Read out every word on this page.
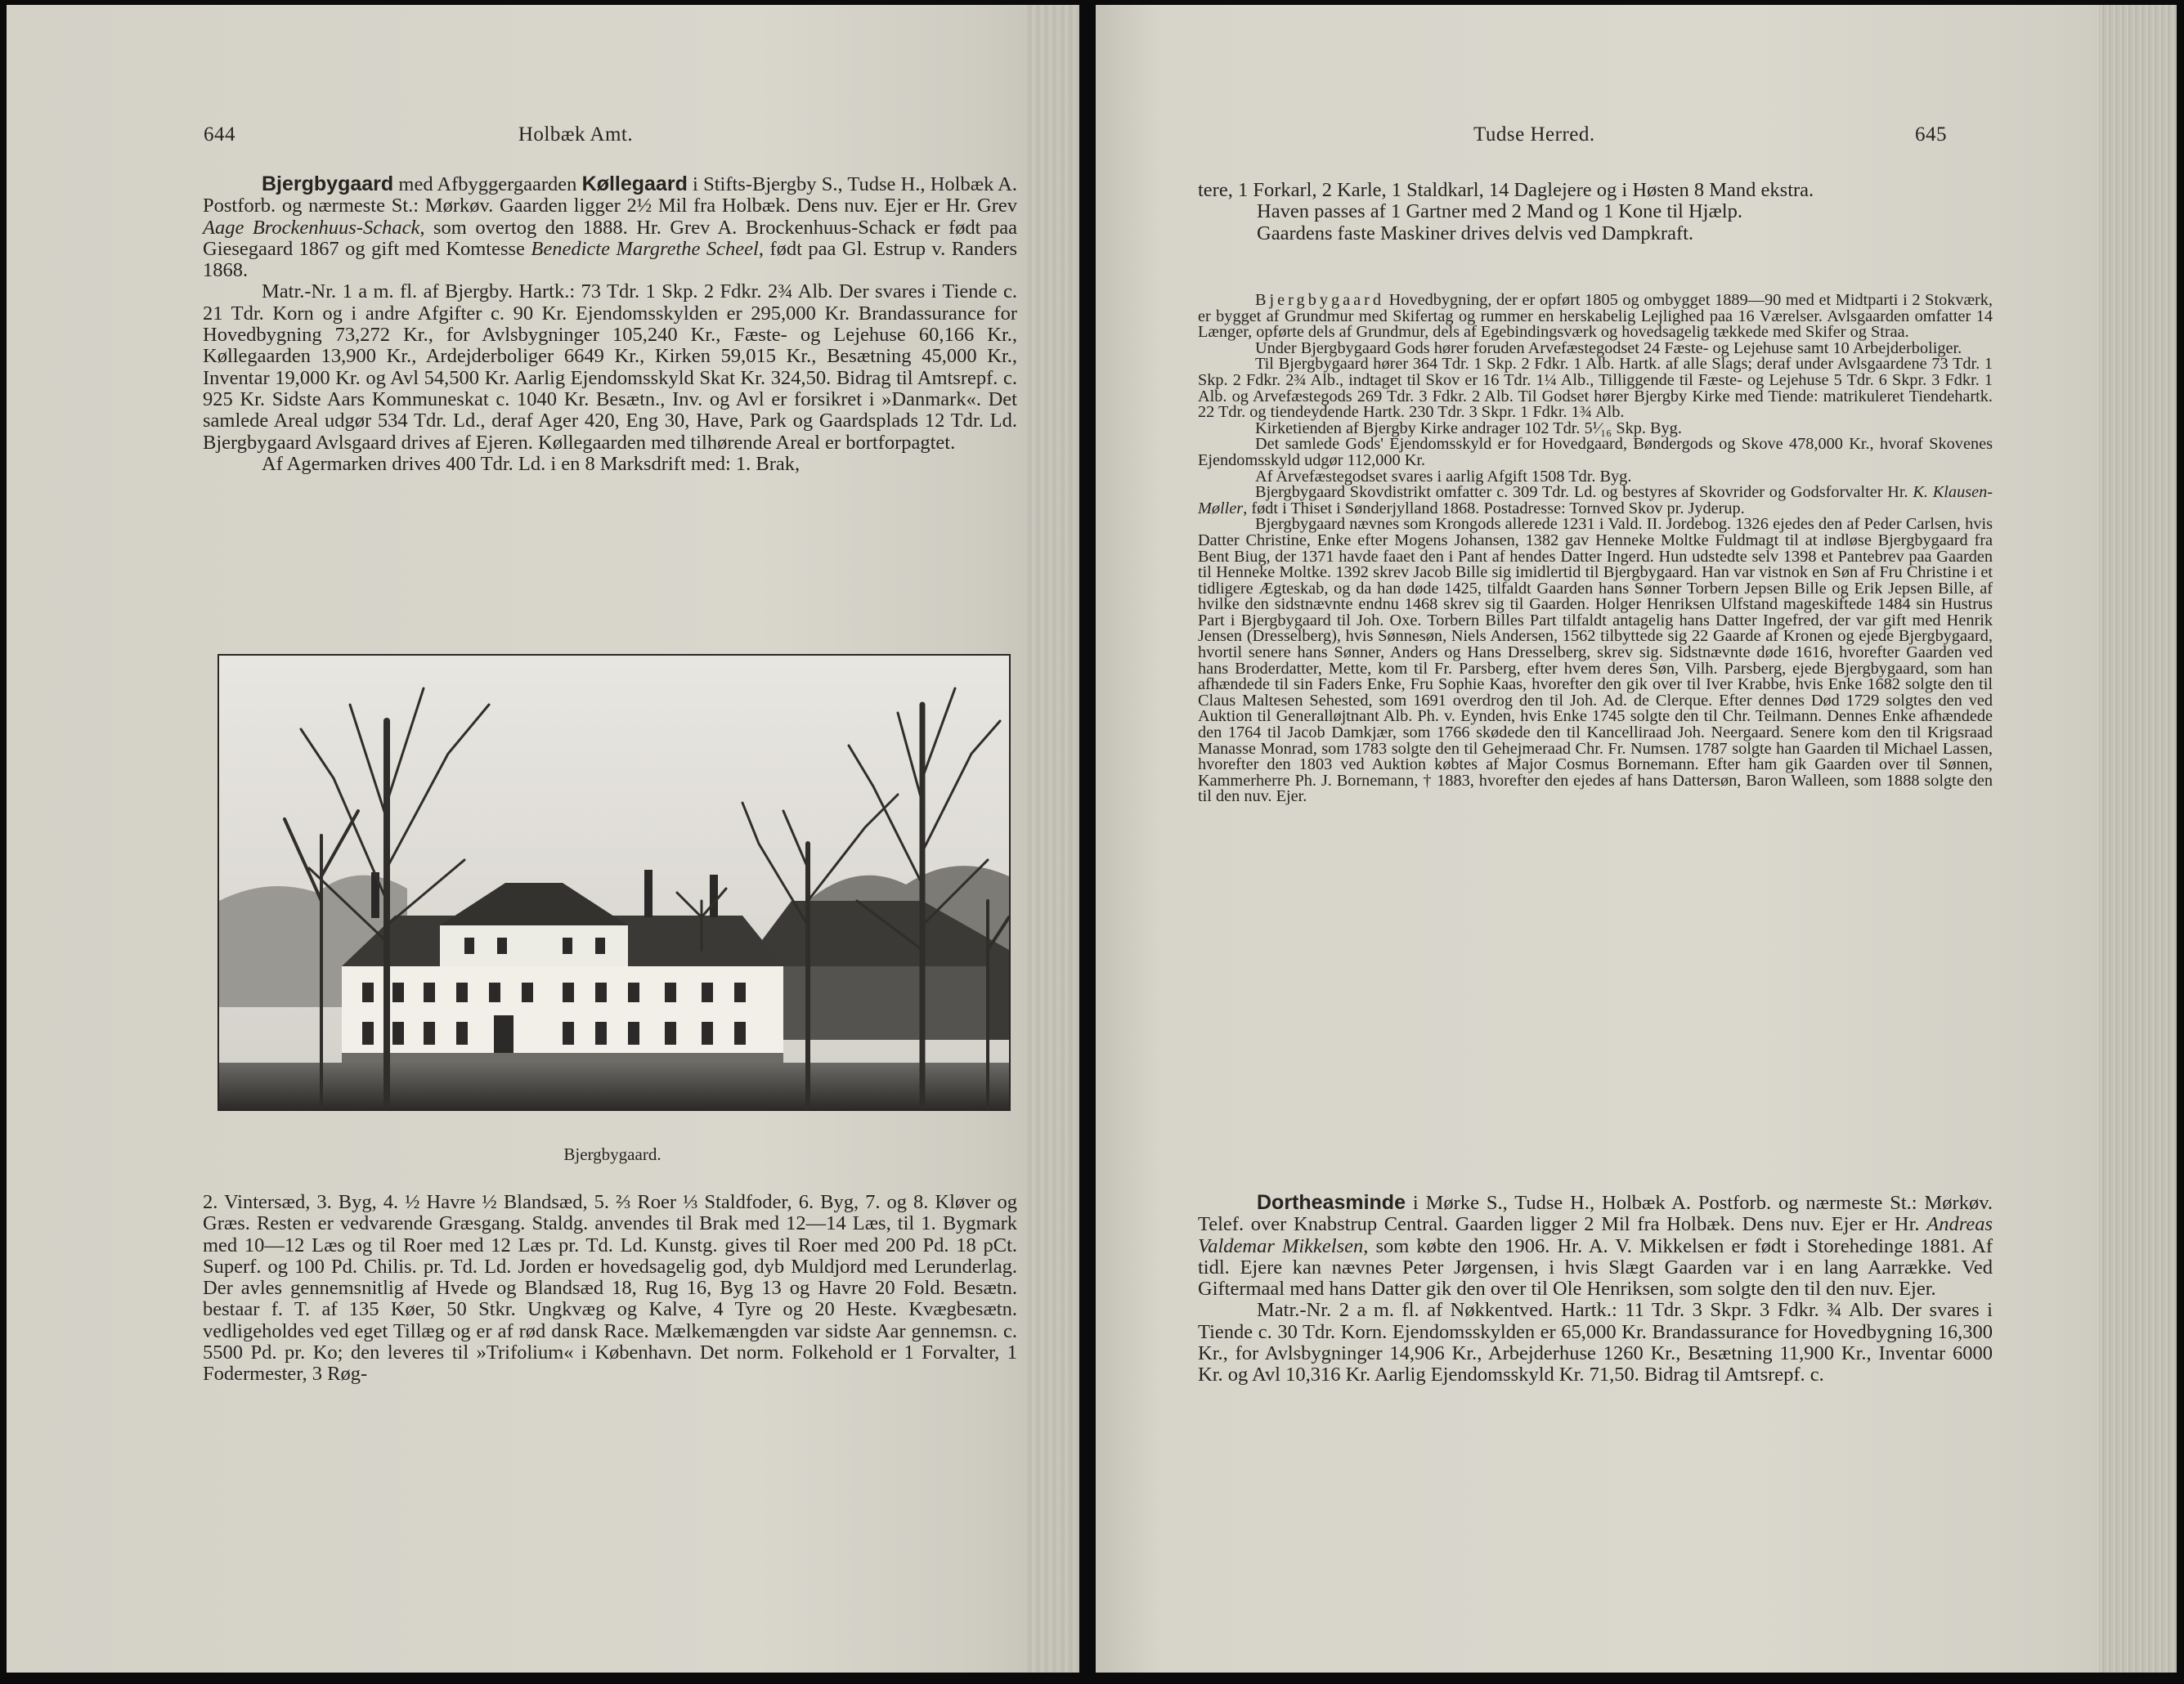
644	Holbæk Amt.

Bjergbygaard med Afbyggergaarden Køllegaard i Stifts-Bjergby S., Tudse H., Holbæk A. Postforb. og nærmeste St.: Mørkøv. Gaarden ligger 2½ Mil fra Holbæk. Dens nuv. Ejer er Hr. Grev Aage Brockenhuus-Schack, som overtog den 1888. Hr. Grev A. Brockenhuus-Schack er født paa Giesegaard 1867 og gift med Komtesse Benedicte Margrethe Scheel, født paa Gl. Estrup v. Randers 1868.

Matr.-Nr. 1 a m. fl. af Bjergby. Hartk.: 73 Tdr. 1 Skp. 2 Fdkr. 2¾ Alb. Der svares i Tiende c. 21 Tdr. Korn og i andre Afgifter c. 90 Kr. Ejendomsskylden er 295,000 Kr. Brandassurance for Hovedbygning 73,272 Kr., for Avlsbygninger 105,240 Kr., Fæste- og Lejehuse 60,166 Kr., Køllegaarden 13,900 Kr., Ardejderboliger 6649 Kr., Kirken 59,015 Kr., Besætning 45,000 Kr., Inventar 19,000 Kr. og Avl 54,500 Kr. Aarlig Ejendomsskyld Skat Kr. 324,50. Bidrag til Amtsrepf. c. 925 Kr. Sidste Aars Kommuneskat c. 1040 Kr. Besætn., Inv. og Avl er forsikret i »Danmark«. Det samlede Areal udgør 534 Tdr. Ld., deraf Ager 420, Eng 30, Have, Park og Gaardsplads 12 Tdr. Ld. Bjergbygaard Avlsgaard drives af Ejeren. Køllegaarden med tilhørende Areal er bortforpagtet.

Af Agermarken drives 400 Tdr. Ld. i en 8 Marksdrift med: 1. Brak,

Bjergbygaard.

2. Vintersæd, 3. Byg, 4. ½ Havre ½ Blandsæd, 5. ⅔ Roer ⅓ Staldfoder, 6. Byg, 7. og 8. Kløver og Græs. Resten er vedvarende Græsgang. Staldg. anvendes til Brak med 12—14 Læs, til 1. Bygmark med 10—12 Læs og til Roer med 12 Læs pr. Td. Ld. Kunstg. gives til Roer med 200 Pd. 18 pCt. Superf. og 100 Pd. Chilis. pr. Td. Ld. Jorden er hovedsagelig god, dyb Muldjord med Lerunderlag. Der avles gennemsnitlig af Hvede og Blandsæd 18, Rug 16, Byg 13 og Havre 20 Fold. Besætn. bestaar f. T. af 135 Køer, 50 Stkr. Ungkvæg og Kalve, 4 Tyre og 20 Heste. Kvægbesætn. vedligeholdes ved eget Tillæg og er af rød dansk Race. Mælkemængden var sidste Aar gennemsn. c. 5500 Pd. pr. Ko; den leveres til »Trifolium« i København. Det norm. Folkehold er 1 Forvalter, 1 Fodermester, 3 Røg-

Tudse Herred.	645

tere, 1 Forkarl, 2 Karle, 1 Staldkarl, 14 Daglejere og i Høsten 8 Mand ekstra.

Haven passes af 1 Gartner med 2 Mand og 1 Kone til Hjælp.

Gaardens faste Maskiner drives delvis ved Dampkraft.

Bjergbygaard Hovedbygning, der er opført 1805 og ombygget 1889—90 med et Midtparti i 2 Stokværk, er bygget af Grundmur med Skifertag og rummer en herskabelig Lejlighed paa 16 Værelser. Avlsgaarden omfatter 14 Længer, opførte dels af Grundmur, dels af Egebindingsværk og hovedsagelig tækkede med Skifer og Straa.

Under Bjergbygaard Gods hører foruden Arvefæstegodset 24 Fæste- og Lejehuse samt 10 Arbejderboliger.

Til Bjergbygaard hører 364 Tdr. 1 Skp. 2 Fdkr. 1 Alb. Hartk. af alle Slags; deraf under Avlsgaardene 73 Tdr. 1 Skp. 2 Fdkr. 2¾ Alb., indtaget til Skov er 16 Tdr. 1¼ Alb., Tilliggende til Fæste- og Lejehuse 5 Tdr. 6 Skpr. 3 Fdkr. 1 Alb. og Arvefæstegods 269 Tdr. 3 Fdkr. 2 Alb. Til Godset hører Bjergby Kirke med Tiende: matrikuleret Tiendehartk. 22 Tdr. og tiendeydende Hartk. 230 Tdr. 3 Skpr. 1 Fdkr. 1¾ Alb.

Kirketienden af Bjergby Kirke andrager 102 Tdr. 5¹⁄₁₆ Skp. Byg.

Det samlede Gods' Ejendomsskyld er for Hovedgaard, Bøndergods og Skove 478,000 Kr., hvoraf Skovenes Ejendomsskyld udgør 112,000 Kr.

Af Arvefæstegodset svares i aarlig Afgift 1508 Tdr. Byg.

Bjergbygaard Skovdistrikt omfatter c. 309 Tdr. Ld. og bestyres af Skovrider og Godsforvalter Hr. K. Klausen-Møller, født i Thiset i Sønderjylland 1868. Postadresse: Tornved Skov pr. Jyderup.

Bjergbygaard nævnes som Krongods allerede 1231 i Vald. II. Jordebog. 1326 ejedes den af Peder Carlsen, hvis Datter Christine, Enke efter Mogens Johansen, 1382 gav Henneke Moltke Fuldmagt til at indløse Bjergbygaard fra Bent Biug, der 1371 havde faaet den i Pant af hendes Datter Ingerd. Hun udstedte selv 1398 et Pantebrev paa Gaarden til Henneke Moltke. 1392 skrev Jacob Bille sig imidlertid til Bjergbygaard. Han var vistnok en Søn af Fru Christine i et tidligere Ægteskab, og da han døde 1425, tilfaldt Gaarden hans Sønner Torbern Jepsen Bille og Erik Jepsen Bille, af hvilke den sidstnævnte endnu 1468 skrev sig til Gaarden. Holger Henriksen Ulfstand mageskiftede 1484 sin Hustrus Part i Bjergbygaard til Joh. Oxe. Torbern Billes Part tilfaldt antagelig hans Datter Ingefred, der var gift med Henrik Jensen (Dresselberg), hvis Sønnesøn, Niels Andersen, 1562 tilbyttede sig 22 Gaarde af Kronen og ejede Bjergbygaard, hvortil senere hans Sønner, Anders og Hans Dresselberg, skrev sig. Sidstnævnte døde 1616, hvorefter Gaarden ved hans Broderdatter, Mette, kom til Fr. Parsberg, efter hvem deres Søn, Vilh. Parsberg, ejede Bjergbygaard, som han afhændede til sin Faders Enke, Fru Sophie Kaas, hvorefter den gik over til Iver Krabbe, hvis Enke 1682 solgte den til Claus Maltesen Sehested, som 1691 overdrog den til Joh. Ad. de Clerque. Efter dennes Død 1729 solgtes den ved Auktion til Generalløjtnant Alb. Ph. v. Eynden, hvis Enke 1745 solgte den til Chr. Teilmann. Dennes Enke afhændede den 1764 til Jacob Damkjær, som 1766 skødede den til Kancelliraad Joh. Neergaard. Senere kom den til Krigsraad Manasse Monrad, som 1783 solgte den til Gehejmeraad Chr. Fr. Numsen. 1787 solgte han Gaarden til Michael Lassen, hvorefter den 1803 ved Auktion købtes af Major Cosmus Bornemann. Efter ham gik Gaarden over til Sønnen, Kammerherre Ph. J. Bornemann, † 1883, hvorefter den ejedes af hans Dattersøn, Baron Walleen, som 1888 solgte den til den nuv. Ejer.

Dortheasminde i Mørke S., Tudse H., Holbæk A. Postforb. og nærmeste St.: Mørkøv. Telef. over Knabstrup Central. Gaarden ligger 2 Mil fra Holbæk. Dens nuv. Ejer er Hr. Andreas Valdemar Mikkelsen, som købte den 1906. Hr. A. V. Mikkelsen er født i Storehedinge 1881. Af tidl. Ejere kan nævnes Peter Jørgensen, i hvis Slægt Gaarden var i en lang Aarrække. Ved Giftermaal med hans Datter gik den over til Ole Henriksen, som solgte den til den nuv. Ejer.

Matr.-Nr. 2 a m. fl. af Nøkkentved. Hartk.: 11 Tdr. 3 Skpr. 3 Fdkr. ¾ Alb. Der svares i Tiende c. 30 Tdr. Korn. Ejendomsskylden er 65,000 Kr. Brandassurance for Hovedbygning 16,300 Kr., for Avlsbygninger 14,906 Kr., Arbejderhuse 1260 Kr., Besætning 11,900 Kr., Inventar 6000 Kr. og Avl 10,316 Kr. Aarlig Ejendomsskyld Kr. 71,50. Bidrag til Amtsrepf. c.
